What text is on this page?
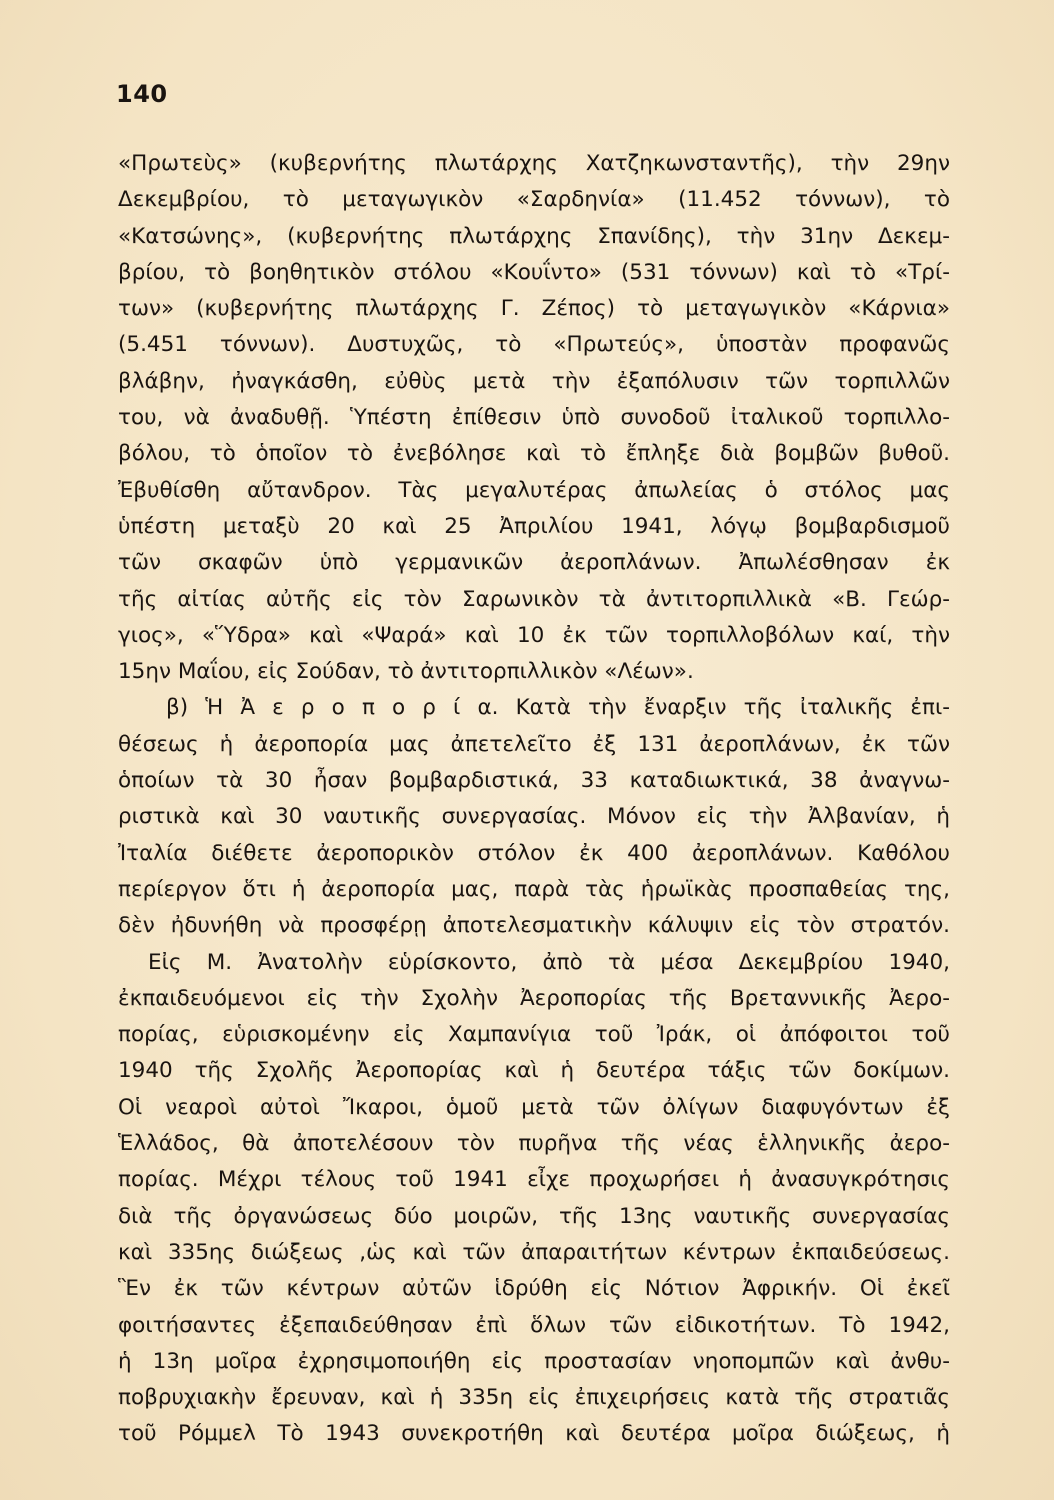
140
«Πρωτεὺς» (κυβερνήτης πλωτάρχης Χατζηκωνσταντῆς), τὴν 29ην
Δεκεμβρίου, τὸ μεταγωγικὸν «Σαρδηνία» (11.452 τόννων), τὸ
«Κατσώνης», (κυβερνήτης πλωτάρχης Σπανίδης), τὴν 31ην Δεκεμ-
βρίου, τὸ βοηθητικὸν στόλου «Κουΐντο» (531 τόννων) καὶ τὸ «Τρί-
των» (κυβερνήτης πλωτάρχης Γ. Ζέπος) τὸ μεταγωγικὸν «Κάρνια»
(5.451 τόννων). Δυστυχῶς, τὸ «Πρωτεύς», ὑποστὰν προφανῶς
βλάβην, ἠναγκάσθη, εὐθὺς μετὰ τὴν ἐξαπόλυσιν τῶν τορπιλλῶν
του, νὰ ἀναδυθῇ. Ὑπέστη ἐπίθεσιν ὑπὸ συνοδοῦ ἰταλικοῦ τορπιλλο-
βόλου, τὸ ὁποῖον τὸ ἐνεβόλησε καὶ τὸ ἔπληξε διὰ βομβῶν βυθοῦ.
Ἐβυθίσθη αὔτανδρον. Τὰς μεγαλυτέρας ἀπωλείας ὁ στόλος μας
ὑπέστη μεταξὺ 20 καὶ 25 Ἀπριλίου 1941, λόγῳ βομβαρδισμοῦ
τῶν σκαφῶν ὑπὸ γερμανικῶν ἀεροπλάνων. Ἀπωλέσθησαν ἐκ
τῆς αἰτίας αὐτῆς εἰς τὸν Σαρωνικὸν τὰ ἀντιτορπιλλικὰ «Β. Γεώρ-
γιος», «Ὕδρα» καὶ «Ψαρά» καὶ 10 ἐκ τῶν τορπιλλοβόλων καί, τὴν
15ην Μαΐου, εἰς Σούδαν, τὸ ἀντιτορπιλλικὸν «Λέων».
β) Ἡ Ἀ ε ρ ο π ο ρ ί α. Κατὰ τὴν ἔναρξιν τῆς ἰταλικῆς ἐπι-
θέσεως ἡ ἀεροπορία μας ἀπετελεῖτο ἐξ 131 ἀεροπλάνων, ἐκ τῶν
ὁποίων τὰ 30 ἦσαν βομβαρδιστικά, 33 καταδιωκτικά, 38 ἀναγνω-
ριστικὰ καὶ 30 ναυτικῆς συνεργασίας. Μόνον εἰς τὴν Ἀλβανίαν, ἡ
Ἰταλία διέθετε ἀεροπορικὸν στόλον ἐκ 400 ἀεροπλάνων. Καθόλου
περίεργον ὅτι ἡ ἀεροπορία μας, παρὰ τὰς ἡρωϊκὰς προσπαθείας της,
δὲν ἠδυνήθη νὰ προσφέρῃ ἀποτελεσματικὴν κάλυψιν εἰς τὸν στρατόν.
Εἰς Μ. Ἀνατολὴν εὑρίσκοντο, ἀπὸ τὰ μέσα Δεκεμβρίου 1940,
ἐκπαιδευόμενοι εἰς τὴν Σχολὴν Ἀεροπορίας τῆς Βρεταννικῆς Ἀερο-
πορίας, εὑρισκομένην εἰς Χαμπανίγια τοῦ Ἰράκ, οἱ ἀπόφοιτοι τοῦ
1940 τῆς Σχολῆς Ἀεροπορίας καὶ ἡ δευτέρα τάξις τῶν δοκίμων.
Οἱ νεαροὶ αὐτοὶ Ἴκαροι, ὁμοῦ μετὰ τῶν ὀλίγων διαφυγόντων ἐξ
Ἑλλάδος, θὰ ἀποτελέσουν τὸν πυρῆνα τῆς νέας ἑλληνικῆς ἀερο-
πορίας. Μέχρι τέλους τοῦ 1941 εἶχε προχωρήσει ἡ ἀνασυγκρότησις
διὰ τῆς ὀργανώσεως δύο μοιρῶν, τῆς 13ης ναυτικῆς συνεργασίας
καὶ 335ης διώξεως ,ὡς καὶ τῶν ἀπαραιτήτων κέντρων ἐκπαιδεύσεως.
Ἓν ἐκ τῶν κέντρων αὐτῶν ἱδρύθη εἰς Νότιον Ἀφρικήν. Οἱ ἐκεῖ
φοιτήσαντες ἐξεπαιδεύθησαν ἐπὶ ὅλων τῶν εἰδικοτήτων. Τὸ 1942,
ἡ 13η μοῖρα ἐχρησιμοποιήθη εἰς προστασίαν νηοπομπῶν καὶ ἀνθυ-
ποβρυχιακὴν ἔρευναν, καὶ ἡ 335η εἰς ἐπιχειρήσεις κατὰ τῆς στρατιᾶς
τοῦ Ρόμμελ Τὸ 1943 συνεκροτήθη καὶ δευτέρα μοῖρα διώξεως, ἡ
